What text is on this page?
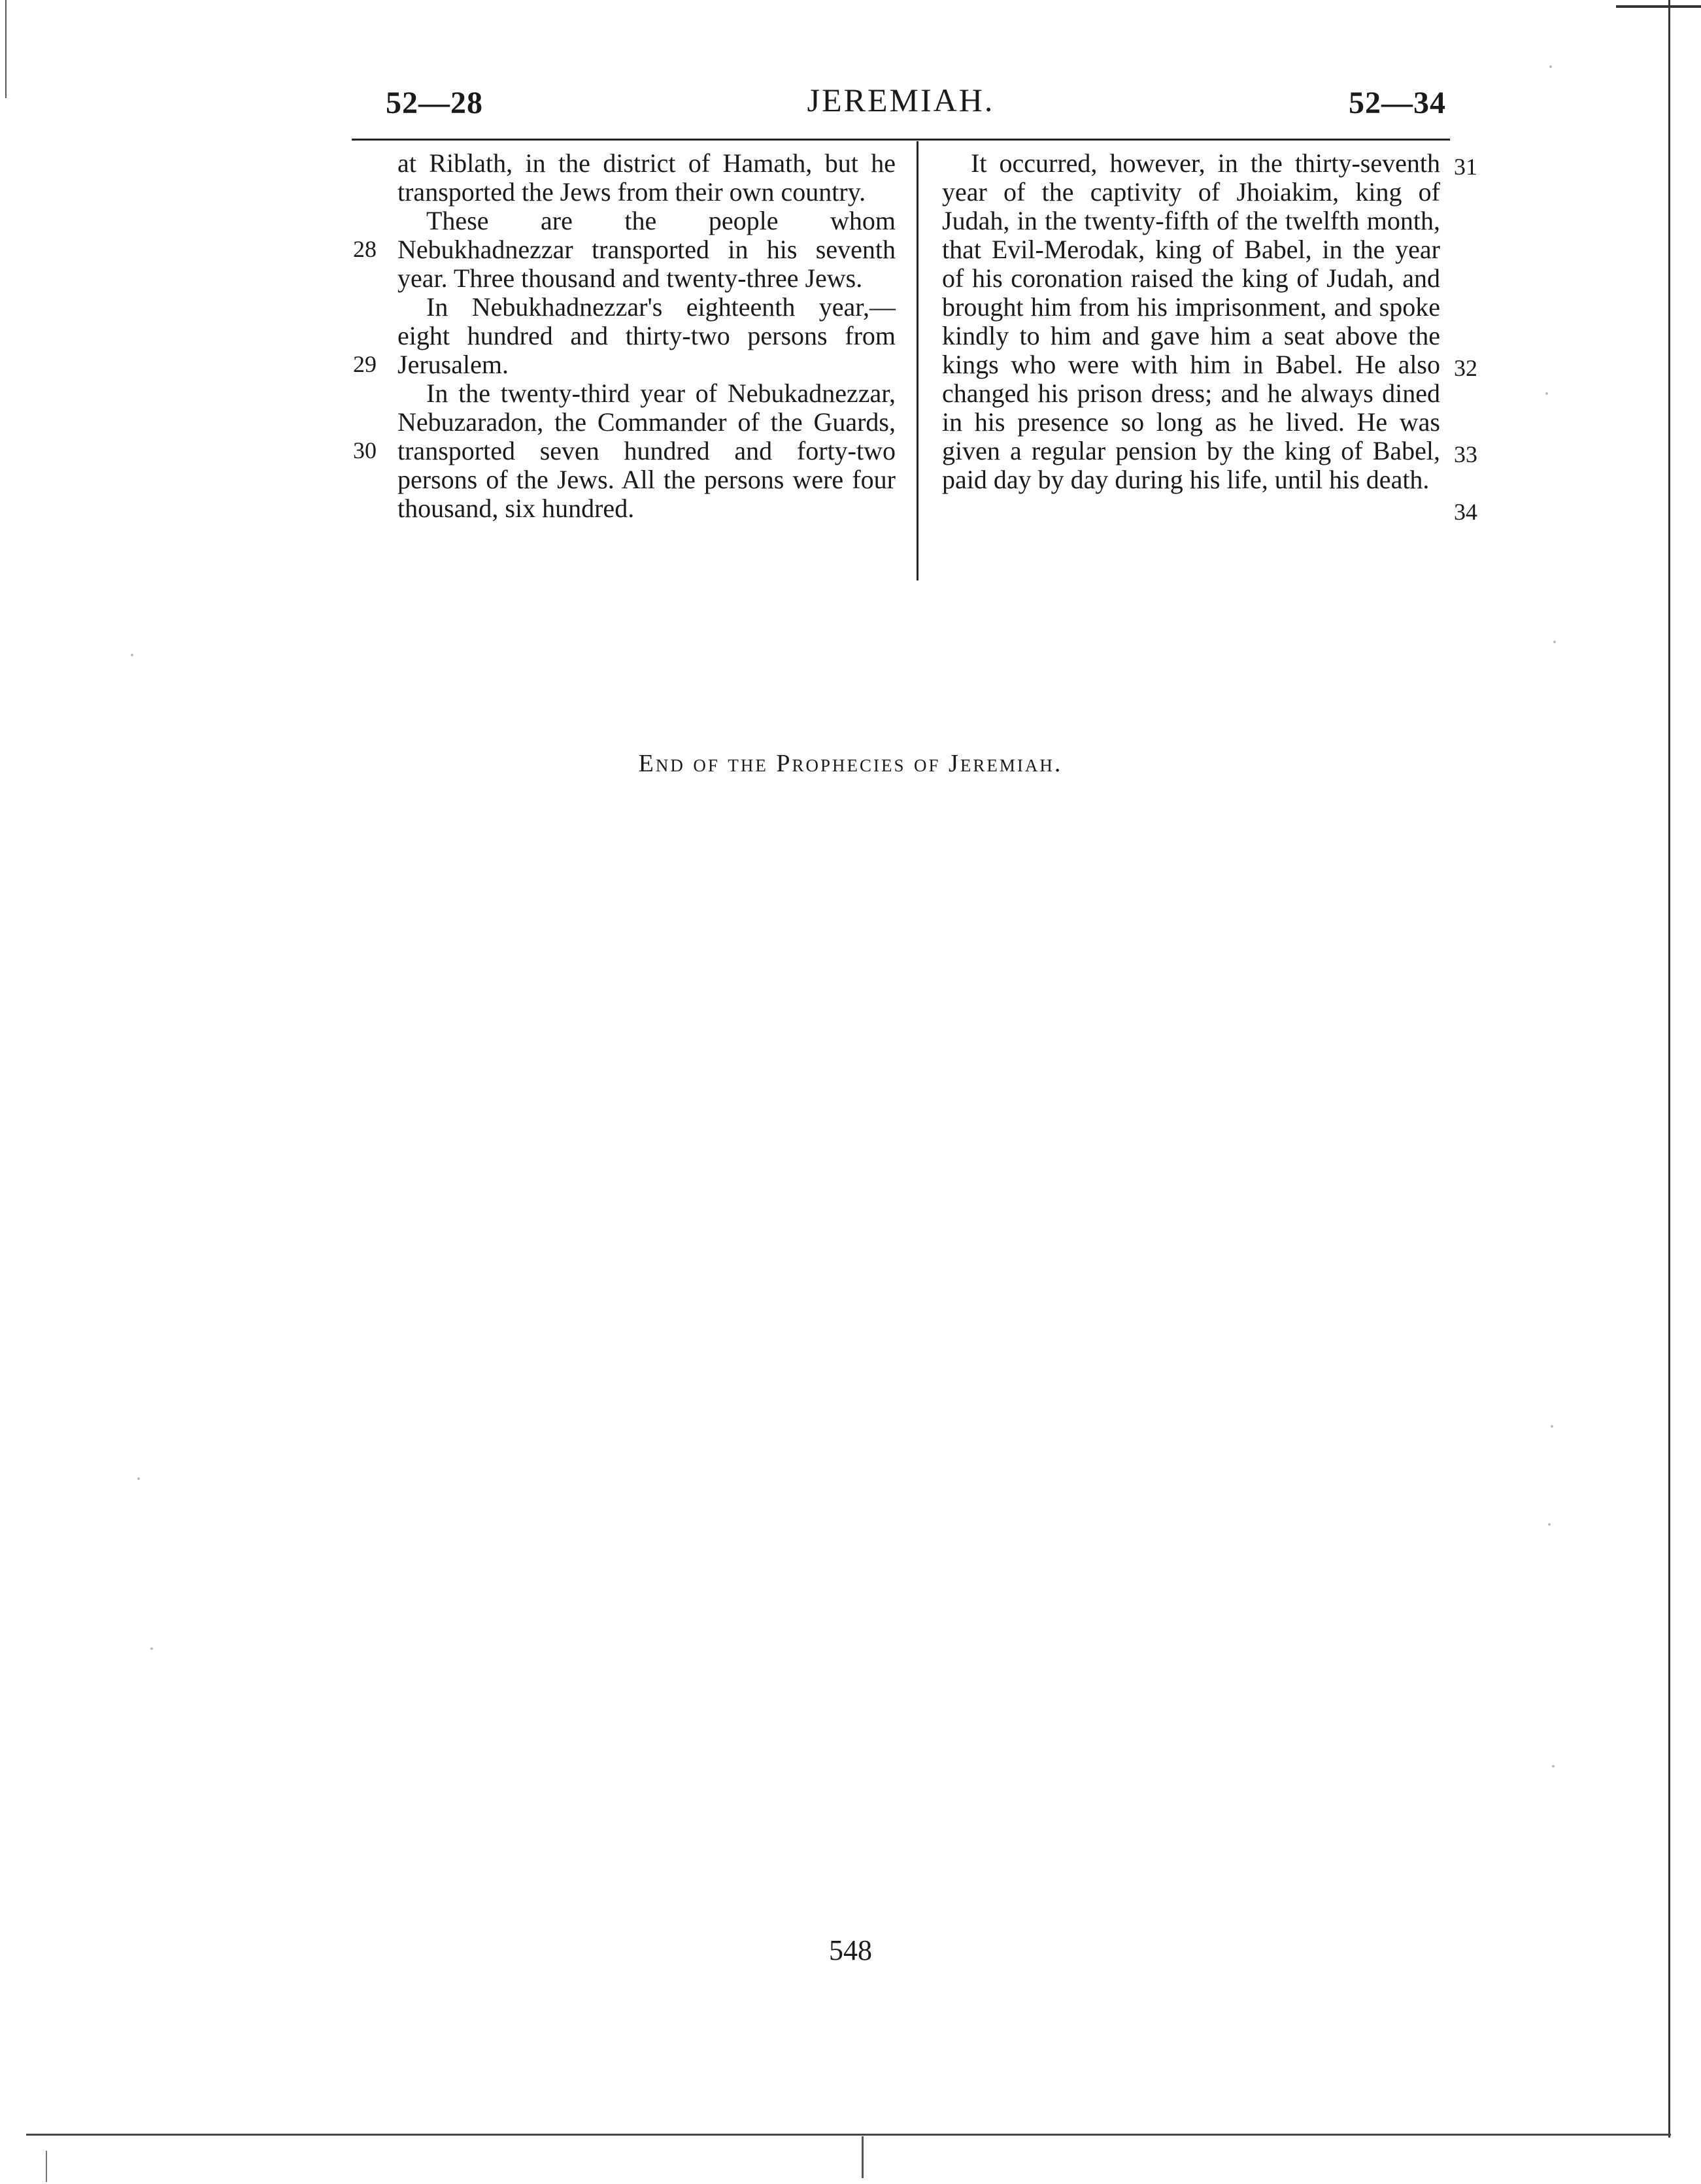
52—28	JEREMIAH.	52—34
28
29
30
31
32
33
34

at Riblath, in the district of Hamath, but he transported the Jews from their own country.

These are the people whom Nebukhadnezzar transported in his seventh year. Three thousand and twenty-three Jews.

In Nebukhadnezzar's eighteenth year,—eight hundred and thirty-two persons from Jerusalem.

In the twenty-third year of Nebukadnezzar, Nebuzaradon, the Commander of the Guards, transported seven hundred and forty-two persons of the Jews. All the persons were four thousand, six hundred.

It occurred, however, in the thirty-seventh year of the captivity of Jhoiakim, king of Judah, in the twenty-fifth of the twelfth month, that Evil-Merodak, king of Babel, in the year of his coronation raised the king of Judah, and brought him from his imprisonment, and spoke kindly to him and gave him a seat above the kings who were with him in Babel. He also changed his prison dress; and he always dined in his presence so long as he lived. He was given a regular pension by the king of Babel, paid day by day during his life, until his death.

End of the Prophecies of Jeremiah.
548
